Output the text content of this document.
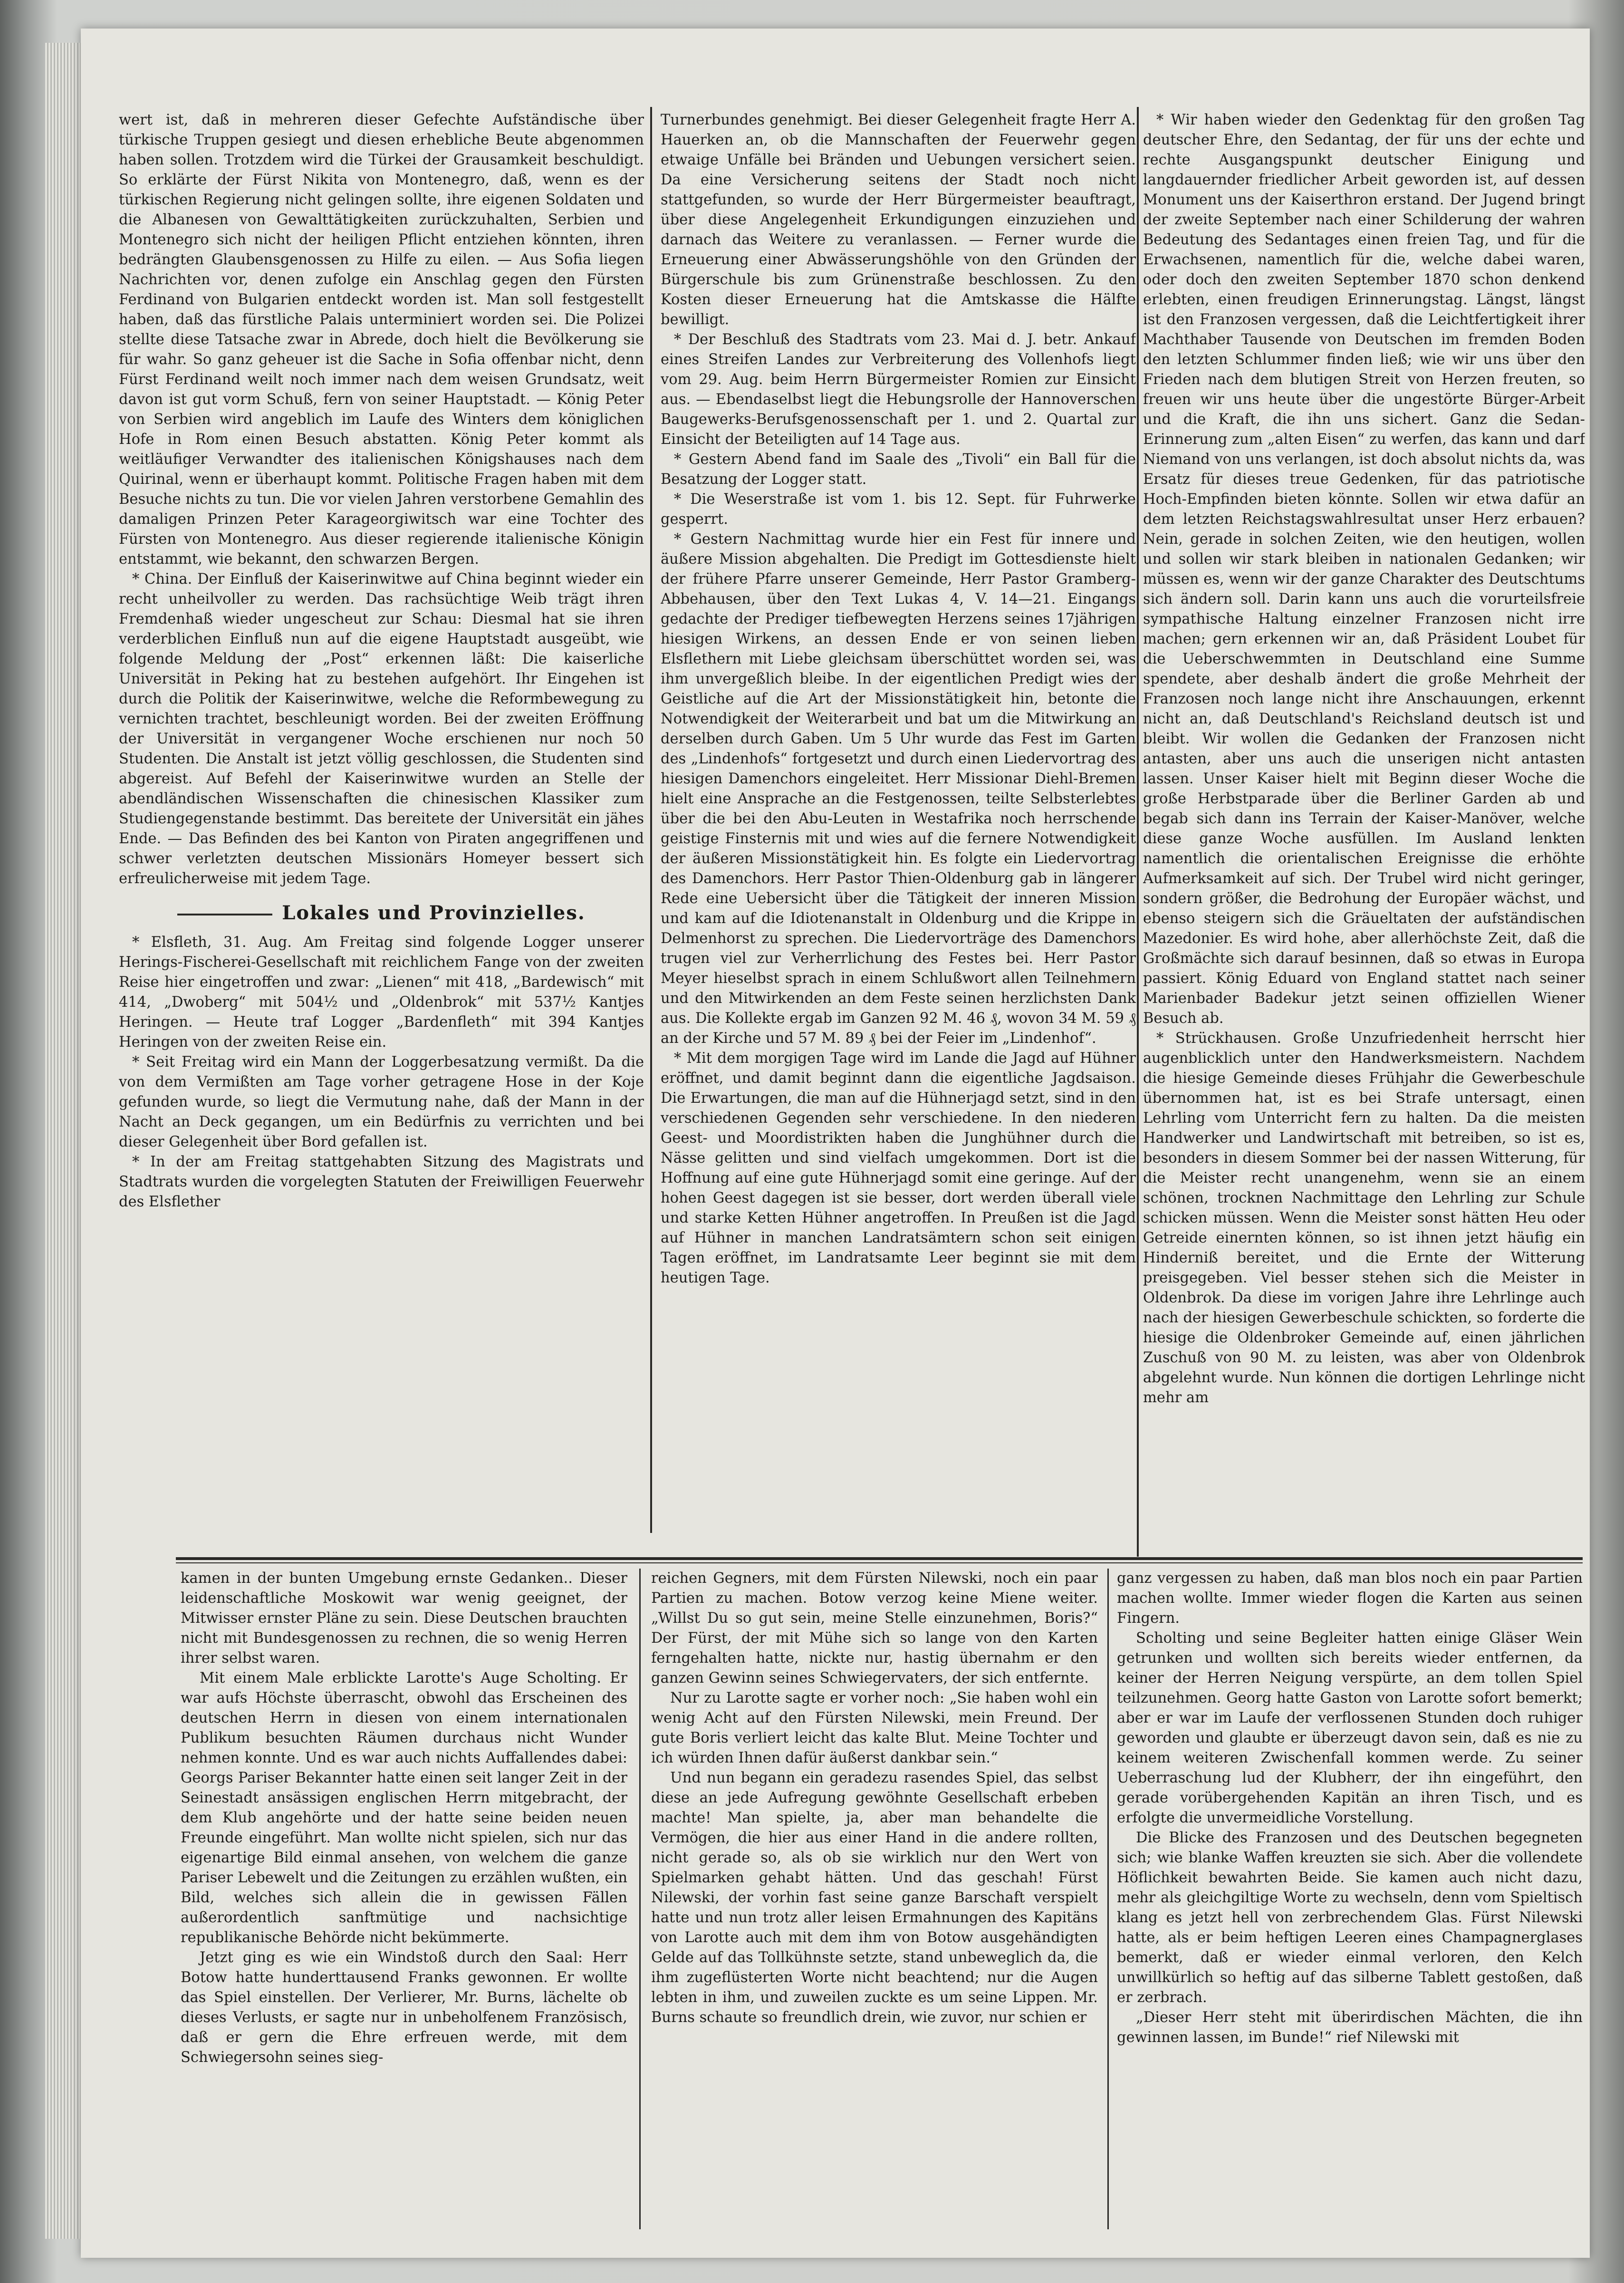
wert ist, daß in mehreren dieser Gefechte Aufständische über türkische Truppen gesiegt und diesen erhebliche Beute abgenommen haben sollen. Trotzdem wird die Türkei der Grausamkeit beschuldigt. So erklärte der Fürst Nikita von Montenegro, daß, wenn es der türkischen Regierung nicht gelingen sollte, ihre eigenen Soldaten und die Albanesen von Gewalttätigkeiten zurückzuhalten, Serbien und Montenegro sich nicht der heiligen Pflicht entziehen könnten, ihren bedrängten Glaubensgenossen zu Hilfe zu eilen. — Aus Sofia liegen Nachrichten vor, denen zufolge ein Anschlag gegen den Fürsten Ferdinand von Bulgarien entdeckt worden ist. Man soll festgestellt haben, daß das fürstliche Palais unterminiert worden sei. Die Polizei stellte diese Tatsache zwar in Abrede, doch hielt die Bevölkerung sie für wahr. So ganz geheuer ist die Sache in Sofia offenbar nicht, denn Fürst Ferdinand weilt noch immer nach dem weisen Grundsatz, weit davon ist gut vorm Schuß, fern von seiner Hauptstadt. — König Peter von Serbien wird angeblich im Laufe des Winters dem königlichen Hofe in Rom einen Besuch abstatten. König Peter kommt als weitläufiger Verwandter des italienischen Königshauses nach dem Quirinal, wenn er überhaupt kommt. Politische Fragen haben mit dem Besuche nichts zu tun. Die vor vielen Jahren verstorbene Gemahlin des damaligen Prinzen Peter Karageorgiwitsch war eine Tochter des Fürsten von Montenegro. Aus dieser regierende italienische Königin entstammt, wie bekannt, den schwarzen Bergen.

* China. Der Einfluß der Kaiserinwitwe auf China beginnt wieder ein recht unheilvoller zu werden. Das rachsüchtige Weib trägt ihren Fremdenhaß wieder ungescheut zur Schau: Diesmal hat sie ihren verderblichen Einfluß nun auf die eigene Hauptstadt ausgeübt, wie folgende Meldung der „Post“ erkennen läßt: Die kaiserliche Universität in Peking hat zu bestehen aufgehört. Ihr Eingehen ist durch die Politik der Kaiserinwitwe, welche die Reformbewegung zu vernichten trachtet, beschleunigt worden. Bei der zweiten Eröffnung der Universität in vergangener Woche erschienen nur noch 50 Studenten. Die Anstalt ist jetzt völlig geschlossen, die Studenten sind abgereist. Auf Befehl der Kaiserinwitwe wurden an Stelle der abendländischen Wissenschaften die chinesischen Klassiker zum Studiengegenstande bestimmt. Das bereitete der Universität ein jähes Ende. — Das Befinden des bei Kanton von Piraten angegriffenen und schwer verletzten deutschen Missionärs Homeyer bessert sich erfreulicherweise mit jedem Tage.

Lokales und Provinzielles.

* Elsfleth, 31. Aug. Am Freitag sind folgende Logger unserer Herings-Fischerei-Gesellschaft mit reichlichem Fange von der zweiten Reise hier eingetroffen und zwar: „Lienen“ mit 418, „Bardewisch“ mit 414, „Dwoberg“ mit 504½ und „Oldenbrok“ mit 537½ Kantjes Heringen. — Heute traf Logger „Bardenfleth“ mit 394 Kantjes Heringen von der zweiten Reise ein.

* Seit Freitag wird ein Mann der Loggerbesatzung vermißt. Da die von dem Vermißten am Tage vorher getragene Hose in der Koje gefunden wurde, so liegt die Vermutung nahe, daß der Mann in der Nacht an Deck gegangen, um ein Bedürfnis zu verrichten und bei dieser Gelegenheit über Bord gefallen ist.

* In der am Freitag stattgehabten Sitzung des Magistrats und Stadtrats wurden die vorgelegten Statuten der Freiwilligen Feuerwehr des Elsflether

Turnerbundes genehmigt. Bei dieser Gelegenheit fragte Herr A. Hauerken an, ob die Mannschaften der Feuerwehr gegen etwaige Unfälle bei Bränden und Uebungen versichert seien. Da eine Versicherung seitens der Stadt noch nicht stattgefunden, so wurde der Herr Bürgermeister beauftragt, über diese Angelegenheit Erkundigungen einzuziehen und darnach das Weitere zu veranlassen. — Ferner wurde die Erneuerung einer Abwässerungshöhle von den Gründen der Bürgerschule bis zum Grünenstraße beschlossen. Zu den Kosten dieser Erneuerung hat die Amtskasse die Hälfte bewilligt.

* Der Beschluß des Stadtrats vom 23. Mai d. J. betr. Ankauf eines Streifen Landes zur Verbreiterung des Vollenhofs liegt vom 29. Aug. beim Herrn Bürgermeister Romien zur Einsicht aus. — Ebendaselbst liegt die Hebungsrolle der Hannoverschen Baugewerks-Berufsgenossenschaft per 1. und 2. Quartal zur Einsicht der Beteiligten auf 14 Tage aus.

* Gestern Abend fand im Saale des „Tivoli“ ein Ball für die Besatzung der Logger statt.

* Die Weserstraße ist vom 1. bis 12. Sept. für Fuhrwerke gesperrt.

* Gestern Nachmittag wurde hier ein Fest für innere und äußere Mission abgehalten. Die Predigt im Gottesdienste hielt der frühere Pfarre unserer Gemeinde, Herr Pastor Gramberg-Abbehausen, über den Text Lukas 4, V. 14—21. Eingangs gedachte der Prediger tiefbewegten Herzens seines 17jährigen hiesigen Wirkens, an dessen Ende er von seinen lieben Elsflethern mit Liebe gleichsam überschüttet worden sei, was ihm unvergeßlich bleibe. In der eigentlichen Predigt wies der Geistliche auf die Art der Missionstätigkeit hin, betonte die Notwendigkeit der Weiterarbeit und bat um die Mitwirkung an derselben durch Gaben. Um 5 Uhr wurde das Fest im Garten des „Lindenhofs“ fortgesetzt und durch einen Liedervortrag des hiesigen Damenchors eingeleitet. Herr Missionar Diehl-Bremen hielt eine Ansprache an die Festgenossen, teilte Selbsterlebtes über die bei den Abu-Leuten in Westafrika noch herrschende geistige Finsternis mit und wies auf die fernere Notwendigkeit der äußeren Missionstätigkeit hin. Es folgte ein Liedervortrag des Damenchors. Herr Pastor Thien-Oldenburg gab in längerer Rede eine Uebersicht über die Tätigkeit der inneren Mission und kam auf die Idiotenanstalt in Oldenburg und die Krippe in Delmenhorst zu sprechen. Die Liedervorträge des Damenchors trugen viel zur Verherrlichung des Festes bei. Herr Pastor Meyer hieselbst sprach in einem Schlußwort allen Teilnehmern und den Mitwirkenden an dem Feste seinen herzlichsten Dank aus. Die Kollekte ergab im Ganzen 92 M. 46 ₰, wovon 34 M. 59 ₰ an der Kirche und 57 M. 89 ₰ bei der Feier im „Lindenhof“.

* Mit dem morgigen Tage wird im Lande die Jagd auf Hühner eröffnet, und damit beginnt dann die eigentliche Jagdsaison. Die Erwartungen, die man auf die Hühnerjagd setzt, sind in den verschiedenen Gegenden sehr verschiedene. In den niederen Geest- und Moordistrikten haben die Junghühner durch die Nässe gelitten und sind vielfach umgekommen. Dort ist die Hoffnung auf eine gute Hühnerjagd somit eine geringe. Auf der hohen Geest dagegen ist sie besser, dort werden überall viele und starke Ketten Hühner angetroffen. In Preußen ist die Jagd auf Hühner in manchen Landratsämtern schon seit einigen Tagen eröffnet, im Landratsamte Leer beginnt sie mit dem heutigen Tage.

* Wir haben wieder den Gedenktag für den großen Tag deutscher Ehre, den Sedantag, der für uns der echte und rechte Ausgangspunkt deutscher Einigung und langdauernder friedlicher Arbeit geworden ist, auf dessen Monument uns der Kaiserthron erstand. Der Jugend bringt der zweite September nach einer Schilderung der wahren Bedeutung des Sedantages einen freien Tag, und für die Erwachsenen, namentlich für die, welche dabei waren, oder doch den zweiten September 1870 schon denkend erlebten, einen freudigen Erinnerungstag. Längst, längst ist den Franzosen vergessen, daß die Leichtfertigkeit ihrer Machthaber Tausende von Deutschen im fremden Boden den letzten Schlummer finden ließ; wie wir uns über den Frieden nach dem blutigen Streit von Herzen freuten, so freuen wir uns heute über die ungestörte Bürger-Arbeit und die Kraft, die ihn uns sichert. Ganz die Sedan-Erinnerung zum „alten Eisen“ zu werfen, das kann und darf Niemand von uns verlangen, ist doch absolut nichts da, was Ersatz für dieses treue Gedenken, für das patriotische Hoch-Empfinden bieten könnte. Sollen wir etwa dafür an dem letzten Reichstagswahlresultat unser Herz erbauen? Nein, gerade in solchen Zeiten, wie den heutigen, wollen und sollen wir stark bleiben in nationalen Gedanken; wir müssen es, wenn wir der ganze Charakter des Deutschtums sich ändern soll. Darin kann uns auch die vorurteilsfreie sympathische Haltung einzelner Franzosen nicht irre machen; gern erkennen wir an, daß Präsident Loubet für die Ueberschwemmten in Deutschland eine Summe spendete, aber deshalb ändert die große Mehrheit der Franzosen noch lange nicht ihre Anschauungen, erkennt nicht an, daß Deutschland's Reichsland deutsch ist und bleibt. Wir wollen die Gedanken der Franzosen nicht antasten, aber uns auch die unserigen nicht antasten lassen. Unser Kaiser hielt mit Beginn dieser Woche die große Herbstparade über die Berliner Garden ab und begab sich dann ins Terrain der Kaiser-Manöver, welche diese ganze Woche ausfüllen. Im Ausland lenkten namentlich die orientalischen Ereignisse die erhöhte Aufmerksamkeit auf sich. Der Trubel wird nicht geringer, sondern größer, die Bedrohung der Europäer wächst, und ebenso steigern sich die Gräueltaten der aufständischen Mazedonier. Es wird hohe, aber allerhöchste Zeit, daß die Großmächte sich darauf besinnen, daß so etwas in Europa passiert. König Eduard von England stattet nach seiner Marienbader Badekur jetzt seinen offiziellen Wiener Besuch ab.

* Strückhausen. Große Unzufriedenheit herrscht hier augenblicklich unter den Handwerksmeistern. Nachdem die hiesige Gemeinde dieses Frühjahr die Gewerbeschule übernommen hat, ist es bei Strafe untersagt, einen Lehrling vom Unterricht fern zu halten. Da die meisten Handwerker und Landwirtschaft mit betreiben, so ist es, besonders in diesem Sommer bei der nassen Witterung, für die Meister recht unangenehm, wenn sie an einem schönen, trocknen Nachmittage den Lehrling zur Schule schicken müssen. Wenn die Meister sonst hätten Heu oder Getreide einernten können, so ist ihnen jetzt häufig ein Hinderniß bereitet, und die Ernte der Witterung preisgegeben. Viel besser stehen sich die Meister in Oldenbrok. Da diese im vorigen Jahre ihre Lehrlinge auch nach der hiesigen Gewerbeschule schickten, so forderte die hiesige die Oldenbroker Gemeinde auf, einen jährlichen Zuschuß von 90 M. zu leisten, was aber von Oldenbrok abgelehnt wurde. Nun können die dortigen Lehrlinge nicht mehr am

kamen in der bunten Umgebung ernste Gedanken.. Dieser leidenschaftliche Moskowit war wenig geeignet, der Mitwisser ernster Pläne zu sein. Diese Deutschen brauchten nicht mit Bundesgenossen zu rechnen, die so wenig Herren ihrer selbst waren.

Mit einem Male erblickte Larotte's Auge Scholting. Er war aufs Höchste überrascht, obwohl das Erscheinen des deutschen Herrn in diesen von einem internationalen Publikum besuchten Räumen durchaus nicht Wunder nehmen konnte. Und es war auch nichts Auffallendes dabei: Georgs Pariser Bekannter hatte einen seit langer Zeit in der Seinestadt ansässigen englischen Herrn mitgebracht, der dem Klub angehörte und der hatte seine beiden neuen Freunde eingeführt. Man wollte nicht spielen, sich nur das eigenartige Bild einmal ansehen, von welchem die ganze Pariser Lebewelt und die Zeitungen zu erzählen wußten, ein Bild, welches sich allein die in gewissen Fällen außerordentlich sanftmütige und nachsichtige republikanische Behörde nicht bekümmerte.

Jetzt ging es wie ein Windstoß durch den Saal: Herr Botow hatte hunderttausend Franks gewonnen. Er wollte das Spiel einstellen. Der Verlierer, Mr. Burns, lächelte ob dieses Verlusts, er sagte nur in unbeholfenem Französisch, daß er gern die Ehre erfreuen werde, mit dem Schwiegersohn seines sieg-

reichen Gegners, mit dem Fürsten Nilewski, noch ein paar Partien zu machen. Botow verzog keine Miene weiter. „Willst Du so gut sein, meine Stelle einzunehmen, Boris?“ Der Fürst, der mit Mühe sich so lange von den Karten ferngehalten hatte, nickte nur, hastig übernahm er den ganzen Gewinn seines Schwiegervaters, der sich entfernte.

Nur zu Larotte sagte er vorher noch: „Sie haben wohl ein wenig Acht auf den Fürsten Nilewski, mein Freund. Der gute Boris verliert leicht das kalte Blut. Meine Tochter und ich würden Ihnen dafür äußerst dankbar sein.“

Und nun begann ein geradezu rasendes Spiel, das selbst diese an jede Aufregung gewöhnte Gesellschaft erbeben machte! Man spielte, ja, aber man behandelte die Vermögen, die hier aus einer Hand in die andere rollten, nicht gerade so, als ob sie wirklich nur den Wert von Spielmarken gehabt hätten. Und das geschah! Fürst Nilewski, der vorhin fast seine ganze Barschaft verspielt hatte und nun trotz aller leisen Ermahnungen des Kapitäns von Larotte auch mit dem ihm von Botow ausgehändigten Gelde auf das Tollkühnste setzte, stand unbeweglich da, die ihm zugeflüsterten Worte nicht beachtend; nur die Augen lebten in ihm, und zuweilen zuckte es um seine Lippen. Mr. Burns schaute so freundlich drein, wie zuvor, nur schien er

ganz vergessen zu haben, daß man blos noch ein paar Partien machen wollte. Immer wieder flogen die Karten aus seinen Fingern.

Scholting und seine Begleiter hatten einige Gläser Wein getrunken und wollten sich bereits wieder entfernen, da keiner der Herren Neigung verspürte, an dem tollen Spiel teilzunehmen. Georg hatte Gaston von Larotte sofort bemerkt; aber er war im Laufe der verflossenen Stunden doch ruhiger geworden und glaubte er überzeugt davon sein, daß es nie zu keinem weiteren Zwischenfall kommen werde. Zu seiner Ueberraschung lud der Klubherr, der ihn eingeführt, den gerade vorübergehenden Kapitän an ihren Tisch, und es erfolgte die unvermeidliche Vorstellung.

Die Blicke des Franzosen und des Deutschen begegneten sich; wie blanke Waffen kreuzten sie sich. Aber die vollendete Höflichkeit bewahrten Beide. Sie kamen auch nicht dazu, mehr als gleichgiltige Worte zu wechseln, denn vom Spieltisch klang es jetzt hell von zerbrechendem Glas. Fürst Nilewski hatte, als er beim heftigen Leeren eines Champagnerglases bemerkt, daß er wieder einmal verloren, den Kelch unwillkürlich so heftig auf das silberne Tablett gestoßen, daß er zerbrach.

„Dieser Herr steht mit überirdischen Mächten, die ihn gewinnen lassen, im Bunde!“ rief Nilewski mit
